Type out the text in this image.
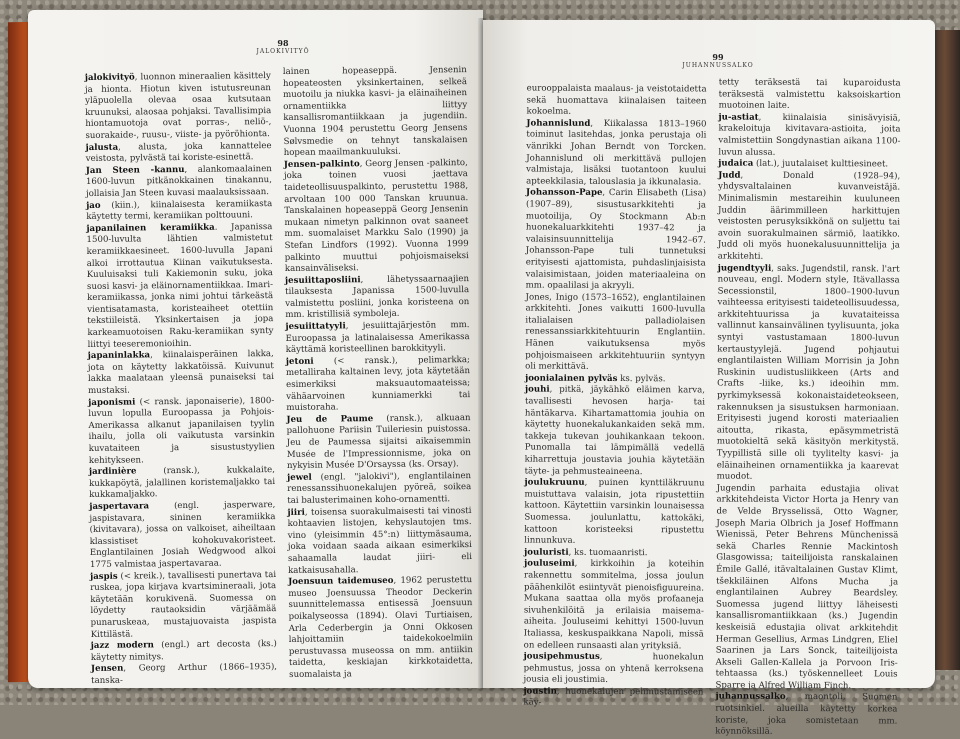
98
JALOKIVITYÖ

jalokivityö, luonnon mineraalien käsittely ja hionta. Hiotun kiven istutusreunan yläpuolella olevaa osaa kutsutaan kruunuksi, alaosaa pohjaksi. Tavallisimpia hiontamuotoja ovat porras-, neliö-, suorakaide-, ruusu-, viiste- ja pyöröhionta.

jalusta, alusta, joka kannattelee veistosta, pylvästä tai koriste-esinettä.

Jan Steen -kannu, alankomaalainen 1600-luvun pitkänokkainen tinakannu, jollaisia Jan Steen kuvasi maalauksissaan.

jao (kiin.), kiinalaisesta keramiikasta käytetty termi, keramiikan polttouuni.

japanilainen keramiikka. Japanissa 1500-luvulta lähtien valmistetut keramiikkaesineet. 1600-luvulla Japani alkoi irrottautua Kiinan vaikutuksesta. Kuuluisaksi tuli Kakiemonin suku, joka suosi kasvi- ja eläinornamentiikkaa. Imari-keramiikassa, jonka nimi johtui tärkeästä vientisatamasta, koristeaiheet otettiin tekstiileistä. Yksinkertaisen ja jopa karkeamuotoisen Raku-keramiikan synty liittyi teeseremonioihin.

japaninlakka, kiinalaisperäinen lakka, jota on käytetty lakkatöissä. Kuivunut lakka maalataan yleensä punaiseksi tai mustaksi.

japonismi (< ransk. japonaiserie), 1800-luvun lopulla Euroopassa ja Pohjois-Amerikassa alkanut japanilaisen tyylin ihailu, jolla oli vaikutusta varsinkin kuvataiteen ja sisustustyylien kehitykseen.

jardinière (ransk.), kukkalaite, kukkapöytä, jalallinen koristemaljakko tai kukkamaljakko.

jaspertavara (engl. jasperware, jaspistavara, sininen keramiikka (kivitavara), jossa on valkoiset, aiheiltaan klassistiset kohokuvakoristeet. Englantilainen Josiah Wedgwood alkoi 1775 valmistaa jaspertavaraa.

jaspis (< kreik.), tavallisesti punertava tai ruskea, jopa kirjava kvartsimineraali, jota käytetään korukivenä. Suomessa on löydetty rautaoksidin värjäämää punaruskeaa, mustajuovaista jaspista Kittilästä.

jazz modern (engl.) art decosta (ks.) käytetty nimitys.

Jensen, Georg Arthur (1866–1935), tanska-

lainen hopeaseppä. Jensenin hopeateosten yksinkertainen, selkeä muotoilu ja niukka kasvi- ja eläinaiheinen ornamentiikka liittyy kansallisromantiikkaan ja jugendiin. Vuonna 1904 perustettu Georg Jensens Sølvsmedie on tehnyt tanskalaisen hopean maailmankuuluksi.

Jensen-palkinto, Georg Jensen -palkinto, joka toinen vuosi jaettava taideteollisuuspalkinto, perustettu 1988, arvoltaan 100 000 Tanskan kruunua. Tanskalainen hopeaseppä Georg Jensenin mukaan nimetyn palkinnon ovat saaneet mm. suomalaiset Markku Salo (1990) ja Stefan Lindfors (1992). Vuonna 1999 palkinto muuttui pohjoismaiseksi kansainväliseksi.

jesuiittaposliini, lähetyssaarnaajien tilauksesta Japanissa 1500-luvulla valmistettu posliini, jonka koristeena on mm. kristillisiä symboleja.

jesuiittatyyli, jesuiittajärjestön mm. Euroopassa ja latinalaisessa Amerikassa käyttämä koristeellinen barokkityyli.

jetoni (< ransk.), pelimarkka; metalliraha kaltainen levy, jota käytetään esimerkiksi maksuautomaateissa; vähäarvoinen kunniamerkki tai muistoraha.

Jeu de Paume (ransk.), alkuaan pallohuone Pariisin Tuileriesin puistossa. Jeu de Paumessa sijaitsi aikaisemmin Musée de l'Impressionnisme, joka on nykyisin Musée D'Orsayssa (ks. Orsay).

jewel (engl. "jalokivi"), englantilainen renessanssihuonekalujen pyöreä, soikea tai balusterimainen koho-ornamentti.

jiiri, toisensa suorakulmaisesti tai vinosti kohtaavien listojen, kehyslautojen tms. vino (yleisimmin 45°:n) liittymäsauma, joka voidaan saada aikaan esimerkiksi sahaamalla laudat jiiri- eli katkaisusahalla.

Joensuun taidemuseo, 1962 perustettu museo Joensuussa Theodor Deckerin suunnittelemassa entisessä Joensuun poikalyseossa (1894). Olavi Turtiaisen, Arla Cederbergin ja Onni Okkosen lahjoittamiin taidekokoelmiin perustuvassa museossa on mm. antiikin taidetta, keskiajan kirkkotaidetta, suomalaista ja

99
JUHANNUSSALKO

eurooppalaista maalaus- ja veistotaidetta sekä huomattava kiinalaisen taiteen kokoelma.

Johannislund, Kiikalassa 1813–1960 toiminut lasitehdas, jonka perustaja oli vänrikki Johan Berndt von Torcken. Johannislund oli merkittävä pullojen valmistaja, lisäksi tuotantoon kuului apteekkilasia, talouslasia ja ikkunalasia.

Johansson-Pape, Carin Elisabeth (Lisa) (1907–89), sisustusarkkitehti ja muotoilija, Oy Stockmann Ab:n huonekaluarkkitehti 1937–42 ja valaisinsuunnittelija 1942–67. Johansson-Pape tuli tunnetuksi erityisesti ajattomista, puhdaslinjaisista valaisimistaan, joiden materiaaleina on mm. opaalilasi ja akryyli.

Jones, Inigo (1573–1652), englantilainen arkkitehti. Jones vaikutti 1600-luvulla italialaisen palladiolaisen renessanssiarkkitehtuurin Englantiin. Hänen vaikutuksensa myös pohjoismaiseen arkkitehtuuriin syntyyn oli merkittävä.

joonialainen pylväs ks. pylväs.

jouhi, pitkä, jäykähkö eläimen karva, tavallisesti hevosen harja- tai häntäkarva. Kihartamattomia jouhia on käytetty huonekalukankaiden sekä mm. takkeja tukevan jouhikankaan tekoon. Punomalla tai lämpimällä vedellä kiharrettuja joustavia jouhia käytetään täyte- ja pehmusteaineena.

joulukruunu, puinen kynttiläkruunu muistuttava valaisin, jota ripustettiin kattoon. Käytettiin varsinkin lounaisessa Suomessa. joulunlattu, kattokäki, kattoon koristeeksi ripustettu linnunkuva.

jouluristi, ks. tuomaanristi.

jouluseimi, kirkkoihin ja koteihin rakennettu sommitelma, jossa joulun päähenkilöt esiintyvät pienoisfiguureina. Mukana saattaa olla myös profaaneja sivuhenkilöitä ja erilaisia maisema-aiheita. Jouluseimi kehittyi 1500-luvun Italiassa, keskuspaikkana Napoli, missä on edelleen runsaasti alan yrityksiä.

jousipehmustus, huonekalun pehmustus, jossa on yhtenä kerroksena jousia eli joustimia.

joustin, huonekalujen pehmustamiseen käy-

tetty teräksestä tai kuparoidusta teräksestä valmistettu kaksoiskartion muotoinen laite.

ju-astiat, kiinalaisia sinisävyisiä, krakeloituja kivitavara-astioita, joita valmistettiin Songdynastian aikana 1100-luvun alussa.

judaica (lat.), juutalaiset kulttiesineet.

Judd, Donald (1928–94), yhdysvaltalainen kuvanveistäjä. Minimalismin mestareihin kuuluneen Juddin äärimmilleen harkittujen veistosten perusyksikkönä on suljettu tai avoin suorakulmainen särmiö, laatikko. Judd oli myös huonekalusuunnittelija ja arkkitehti.

jugendtyyli, saks. Jugendstil, ransk. l'art nouveau, engl. Modern style, Itävallassa Secessionstil, 1800–1900-luvun vaihteessa erityisesti taideteollisuudessa, arkkitehtuurissa ja kuvataiteissa vallinnut kansainvälinen tyylisuunta, joka syntyi vastustamaan 1800-luvun kertaustyylejä. Jugend pohjautui englantilaisten William Morrisin ja John Ruskinin uudistusliikkeen (Arts and Crafts -liike, ks.) ideoihin mm. pyrkimyksessä kokonaistaideteokseen, rakennuksen ja sisustuksen harmoniaan. Erityisesti jugend korosti materiaalien aitoutta, rikasta, epäsymmetristä muotokieltä sekä käsityön merkitystä. Tyypillistä sille oli tyylitelty kasvi- ja eläinaiheinen ornamentiikka ja kaarevat muodot.

Jugendin parhaita edustajia olivat arkkitehdeista Victor Horta ja Henry van de Velde Brysselissä, Otto Wagner, Joseph Maria Olbrich ja Josef Hoffmann Wienissä, Peter Behrens Münchenissä sekä Charles Rennie Mackintosh Glasgowissa; taiteilijoista ranskalainen Émile Gallé, itävaltalainen Gustav Klimt, tšekkiläinen Alfons Mucha ja englantilainen Aubrey Beardsley. Suomessa jugend liittyy läheisesti kansallisromantiikkaan (ks.) Jugendin keskeisiä edustajia olivat arkkitehdit Herman Gesellius, Armas Lindgren, Eliel Saarinen ja Lars Sonck, taiteilijoista Akseli Gallen-Kallela ja Porvoon Iris-tehtaassa (ks.) työskennelleet Louis Sparre ja Alfred William Finch.

juhannussalko, maontoli, Suomen ruotsinkiel. alueilla käytetty korkea koriste, joka somistetaan mm. köynnöksillä.
